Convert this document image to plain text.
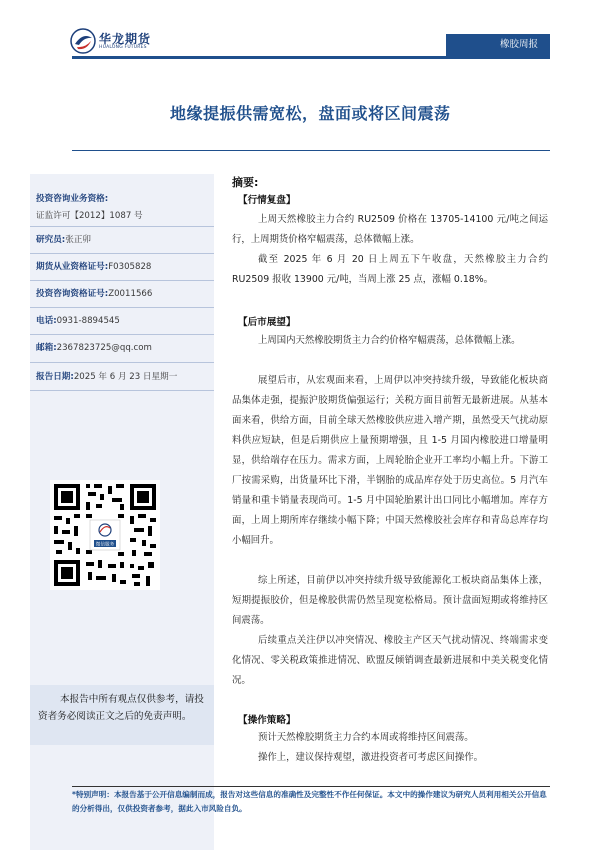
华龙期货
HUALONG FUTURES	橡胶周报
地缘提振供需宽松，盘面或将区间震荡
投资咨询业务资格:
证监许可【2012】1087 号
研究员:张正卯
期货从业资格证号:F0305828
投资咨询资格证号:Z0011566
电话:0931-8894545
邮箱:2367823725@qq.com
报告日期:2025 年 6 月 23 日星期一
微信服务
本报告中所有观点仅供参考，请投资者务必阅读正文之后的免责声明。
摘要:
【行情复盘】
上周天然橡胶主力合约 RU2509 价格在 13705-14100 元/吨之间运行，上周期货价格窄幅震荡，总体微幅上涨。
截至 2025 年 6 月 20 日上周五下午收盘，天然橡胶主力合约 RU2509 报收 13900 元/吨，当周上涨 25 点，涨幅 0.18%。
【后市展望】
上周国内天然橡胶期货主力合约价格窄幅震荡，总体微幅上涨。
展望后市，从宏观面来看，上周伊以冲突持续升级，导致能化板块商品集体走强，提振沪胶期货偏强运行；关税方面目前暂无最新进展。从基本面来看，供给方面，目前全球天然橡胶供应进入增产期，虽然受天气扰动原料供应短缺，但是后期供应上量预期增强，且 1-5 月国内橡胶进口增量明显，供给端存在压力。需求方面，上周轮胎企业开工率均小幅上升。下游工厂按需采购，出货量环比下滑，半钢胎的成品库存处于历史高位。5 月汽车销量和重卡销量表现尚可。1-5 月中国轮胎累计出口同比小幅增加。库存方面，上周上期所库存继续小幅下降；中国天然橡胶社会库存和青岛总库存均小幅回升。
综上所述，目前伊以冲突持续升级导致能源化工板块商品集体上涨，短期提振胶价，但是橡胶供需仍然呈现宽松格局。预计盘面短期或将维持区间震荡。
后续重点关注伊以冲突情况、橡胶主产区天气扰动情况、终端需求变化情况、零关税政策推进情况、欧盟反倾销调查最新进展和中美关税变化情况。
【操作策略】
预计天然橡胶期货主力合约本周或将维持区间震荡。
操作上，建议保持观望，激进投资者可考虑区间操作。
*特别声明：本报告基于公开信息编制而成，报告对这些信息的准确性及完整性不作任何保证。本文中的操作建议为研究人员利用相关公开信息的分析得出，仅供投资者参考，据此入市风险自负。
